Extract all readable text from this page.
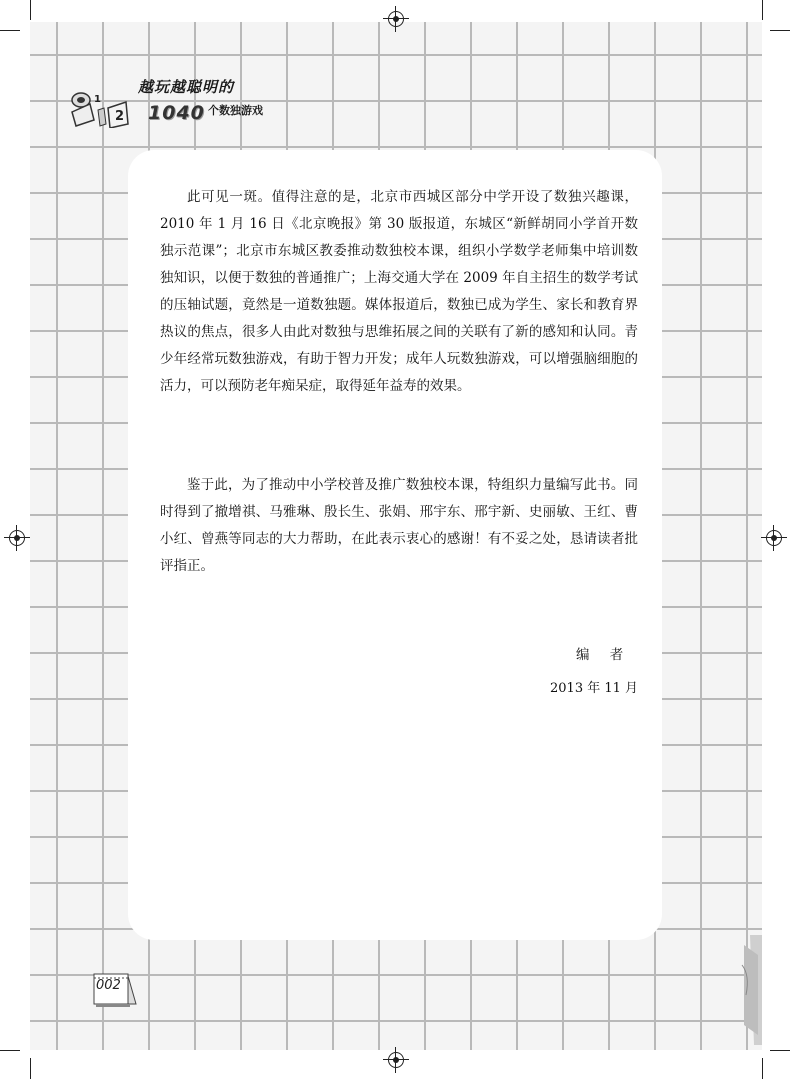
1
2
越玩越聪明的
1040 个数独游戏

此可见一斑。值得注意的是，北京市西城区部分中学开设了数独兴趣课，2010 年 1 月 16 日《北京晚报》第 30 版报道，东城区“新鲜胡同小学首开数独示范课”；北京市东城区教委推动数独校本课，组织小学数学老师集中培训数独知识，以便于数独的普通推广；上海交通大学在 2009 年自主招生的数学考试的压轴试题，竟然是一道数独题。媒体报道后，数独已成为学生、家长和教育界热议的焦点，很多人由此对数独与思维拓展之间的关联有了新的感知和认同。青少年经常玩数独游戏，有助于智力开发；成年人玩数独游戏，可以增强脑细胞的活力，可以预防老年痴呆症，取得延年益寿的效果。

鉴于此，为了推动中小学校普及推广数独校本课，特组织力量编写此书。同时得到了撤增祺、马雅琳、殷长生、张娟、邢宇东、邢宇新、史丽敏、王红、曹小红、曾燕等同志的大力帮助，在此表示衷心的感谢！有不妥之处，恳请读者批评指正。

编 者
2013 年 11 月
002
